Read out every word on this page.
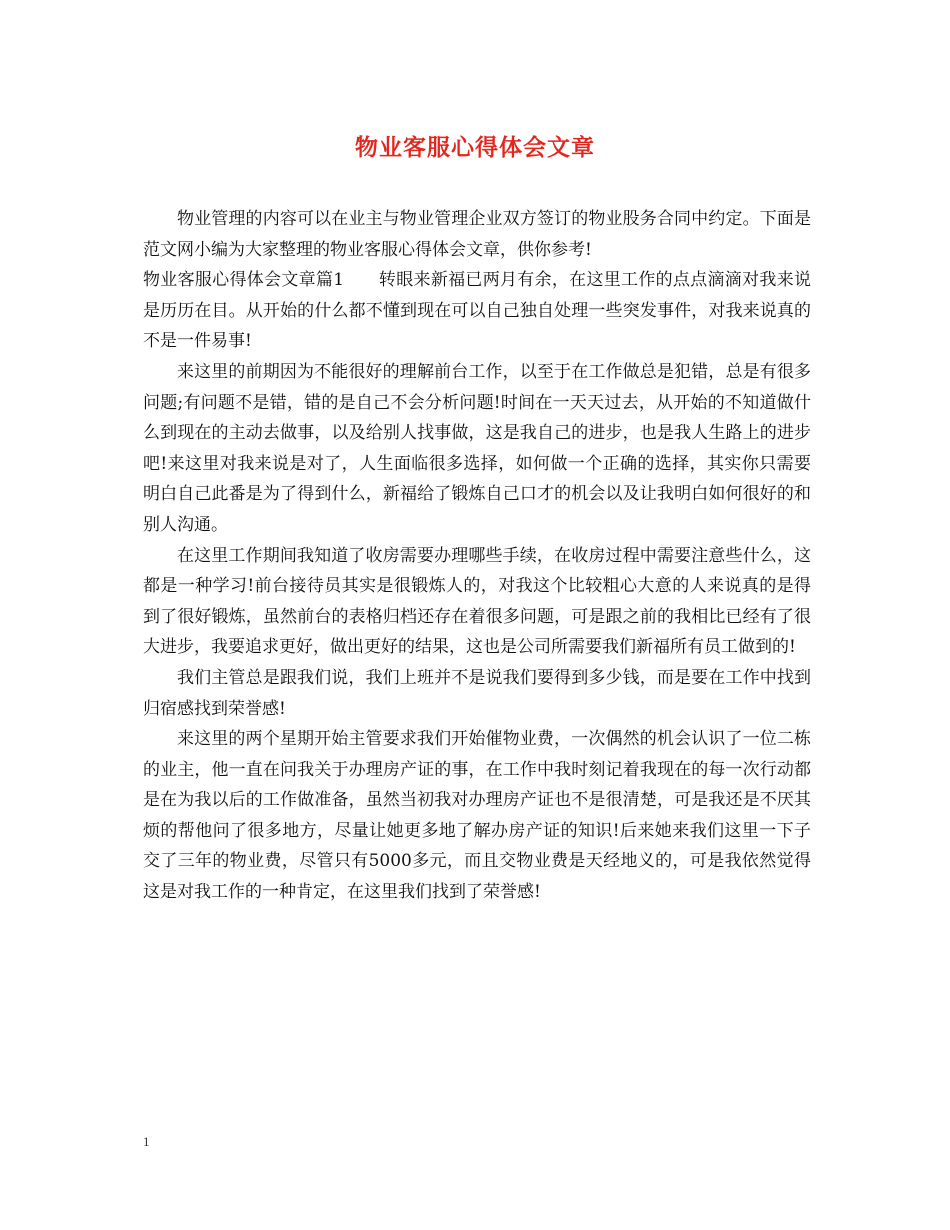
物业客服心得体会文章

物业管理的内容可以在业主与物业管理企业双方签订的物业股务合同中约定。下面是范文网小编为大家整理的物业客服心得体会文章，供你参考!

物业客服心得体会文章篇1　　转眼来新福已两月有余，在这里工作的点点滴滴对我来说是历历在目。从开始的什么都不懂到现在可以自己独自处理一些突发事件，对我来说真的不是一件易事!

来这里的前期因为不能很好的理解前台工作，以至于在工作做总是犯错，总是有很多问题;有问题不是错，错的是自己不会分析问题!时间在一天天过去，从开始的不知道做什么到现在的主动去做事，以及给别人找事做，这是我自己的进步，也是我人生路上的进步吧!来这里对我来说是对了，人生面临很多选择，如何做一个正确的选择，其实你只需要明白自己此番是为了得到什么，新福给了锻炼自己口才的机会以及让我明白如何很好的和别人沟通。

在这里工作期间我知道了收房需要办理哪些手续，在收房过程中需要注意些什么，这都是一种学习!前台接待员其实是很锻炼人的，对我这个比较粗心大意的人来说真的是得到了很好锻炼，虽然前台的表格归档还存在着很多问题，可是跟之前的我相比已经有了很大进步，我要追求更好，做出更好的结果，这也是公司所需要我们新福所有员工做到的!

我们主管总是跟我们说，我们上班并不是说我们要得到多少钱，而是要在工作中找到归宿感找到荣誉感!

来这里的两个星期开始主管要求我们开始催物业费，一次偶然的机会认识了一位二栋的业主，他一直在问我关于办理房产证的事，在工作中我时刻记着我现在的每一次行动都是在为我以后的工作做准备，虽然当初我对办理房产证也不是很清楚，可是我还是不厌其烦的帮他问了很多地方，尽量让她更多地了解办房产证的知识!后来她来我们这里一下子交了三年的物业费，尽管只有5000多元，而且交物业费是天经地义的，可是我依然觉得这是对我工作的一种肯定，在这里我们找到了荣誉感!

1
